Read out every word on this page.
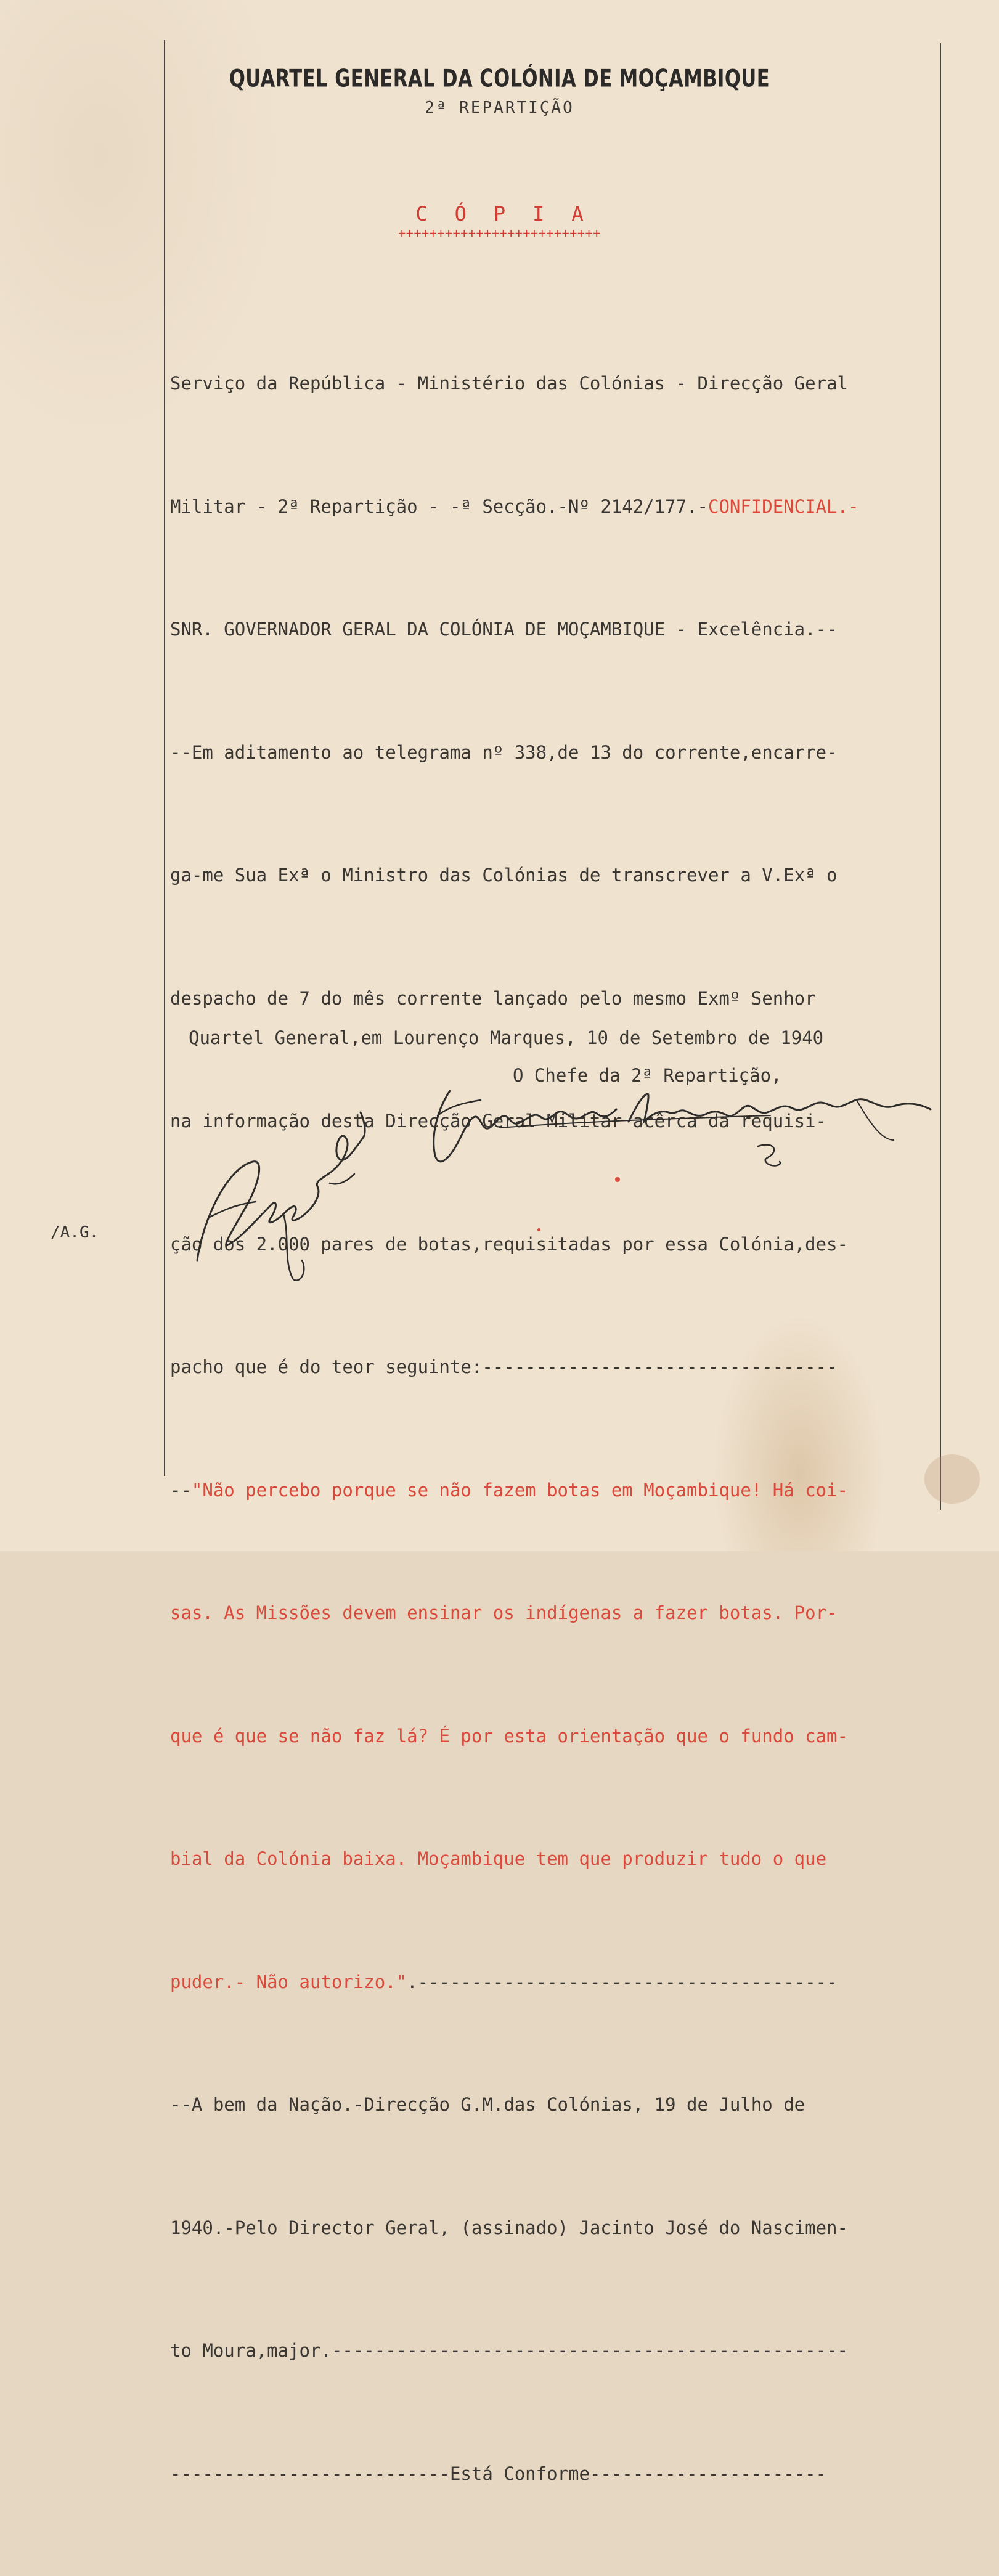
QUARTEL GENERAL DA COLÓNIA DE MOÇAMBIQUE
2ª REPARTIÇÃO
C Ó P I A
++++++++++++++++++++++++++

Serviço da República - Ministério das Colónias - Direcção Geral

Militar - 2ª Repartição - -ª Secção.-Nº 2142/177.-CONFIDENCIAL.-

SNR. GOVERNADOR GERAL DA COLÓNIA DE MOÇAMBIQUE - Excelência.--

--Em aditamento ao telegrama nº 338,de 13 do corrente,encarre-

ga-me Sua Exª o Ministro das Colónias de transcrever a V.Exª o

despacho de 7 do mês corrente lançado pelo mesmo Exmº Senhor

na informação desta Direcção Geral Militar acêrca da requisi-

ção dos 2.000 pares de botas,requisitadas por essa Colónia,des-

pacho que é do teor seguinte:---------------------------------

--"Não percebo porque se não fazem botas em Moçambique! Há coi-

sas. As Missões devem ensinar os indígenas a fazer botas. Por-

que é que se não faz lá? É por esta orientação que o fundo cam-

bial da Colónia baixa. Moçambique tem que produzir tudo o que

puder.- Não autorizo.".---------------------------------------

--A bem da Nação.-Direcção G.M.das Colónias, 19 de Julho de

1940.-Pelo Director Geral, (assinado) Jacinto José do Nascimen-

to Moura,major.------------------------------------------------

--------------------------Está Conforme----------------------

Quartel General,em Lourenço Marques, 10 de Setembro de 1940
O Chefe da 2ª Repartição,
/A.G.
